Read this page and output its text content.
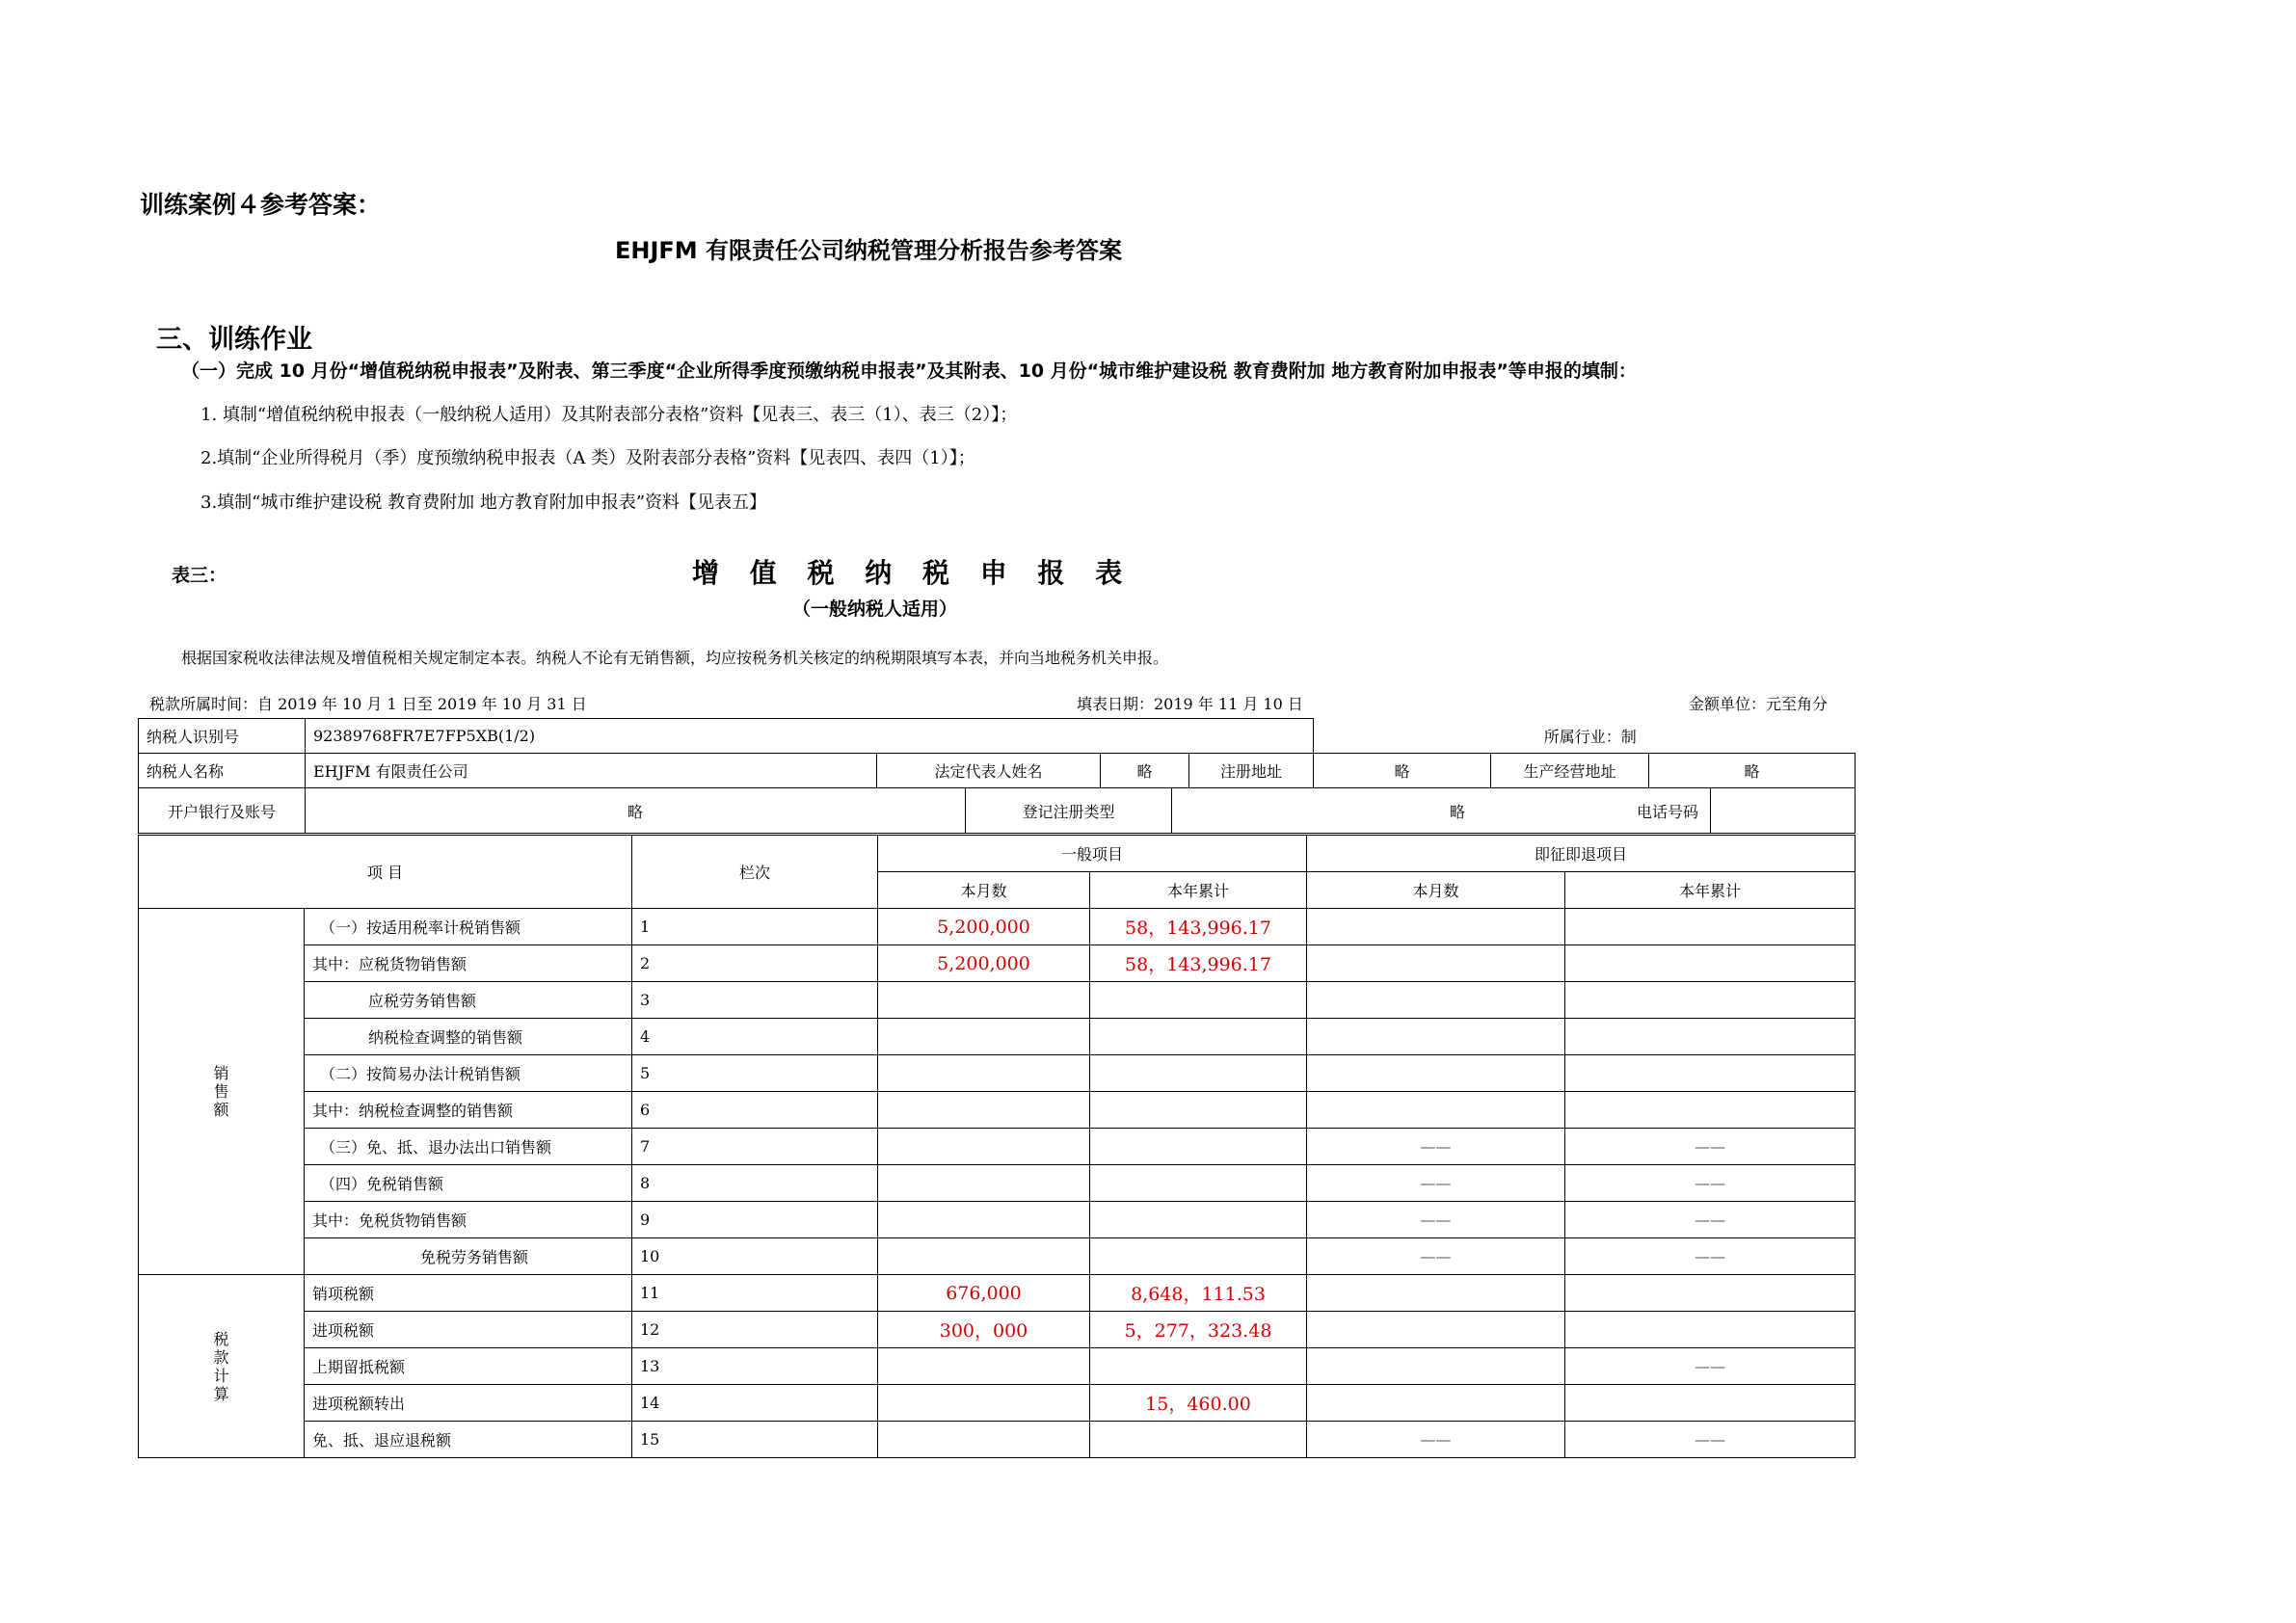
训练案例４参考答案：
EHJFM 有限责任公司纳税管理分析报告参考答案
三、训练作业
（一）完成 10 月份“增值税纳税申报表”及附表、第三季度“企业所得季度预缴纳税申报表”及其附表、10 月份“城市维护建设税 教育费附加 地方教育附加申报表”等申报的填制：
1. 填制“增值税纳税申报表（一般纳税人适用）及其附表部分表格”资料【见表三、表三（1）、表三（2）】；
2.填制“企业所得税月（季）度预缴纳税申报表（A 类）及附表部分表格”资料【见表四、表四（1）】；
3.填制“城市维护建设税 教育费附加 地方教育附加申报表”资料【见表五】
表三：	增 值 税 纳 税 申 报 表
（一般纳税人适用）
根据国家税收法律法规及增值税相关规定制定本表。纳税人不论有无销售额，均应按税务机关核定的纳税期限填写本表，并向当地税务机关申报。
税款所属时间：自 2019 年 10 月 1 日至 2019 年 10 月 31 日	填表日期：2019 年 11 月 10 日	金额单位：元至角分
纳税人识别号	92389768FR7E7FP5XB(1/2)				所属行业：制		
纳税人名称	EHJFM 有限责任公司	法定代表人姓名	略	注册地址	略	生产经营地址	略
开户银行及账号	略	登记注册类型	略	电话号码

项 目		栏次	一般项目		即征即退项目	
			本月数	本年累计	本月数	本年累计
销
售
额	（一）按适用税率计税销售额	1	5,200,000	58，143,996.17		
	其中：应税货物销售额	2	5,200,000	58，143,996.17		
	应税劳务销售额	3				
	纳税检查调整的销售额	4				
	（二）按简易办法计税销售额	5				
	其中：纳税检查调整的销售额	6				
	（三）免、抵、退办法出口销售额	7			——	——
	（四）免税销售额	8			——	——
	其中：免税货物销售额	9			——	——
	免税劳务销售额	10			——	——
税
款
计
算	销项税额	11	676,000	8,648，111.53		
	进项税额	12	300，000	5，277，323.48		
	上期留抵税额	13				——
	进项税额转出	14		15，460.00		
	免、抵、退应退税额	15			——	——
